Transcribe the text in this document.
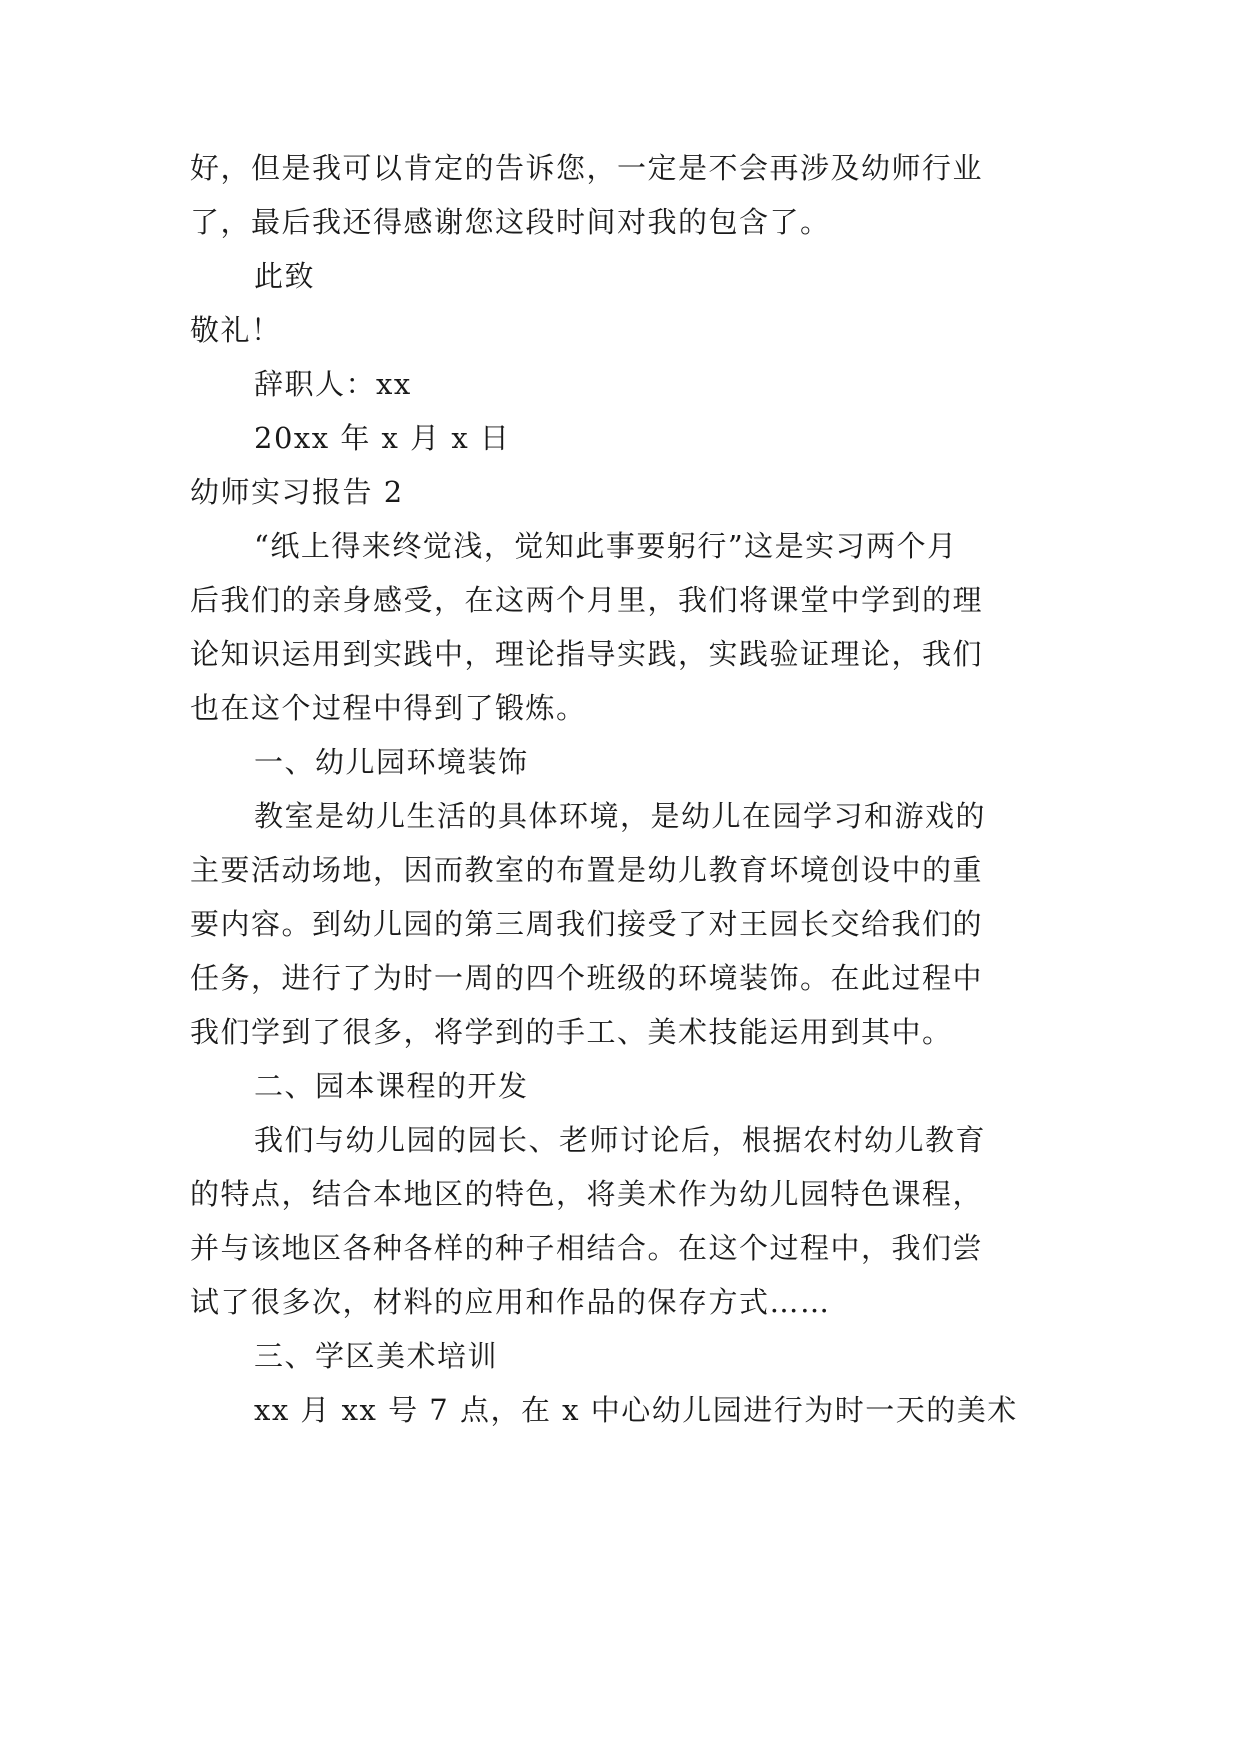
好，但是我可以肯定的告诉您，一定是不会再涉及幼师行业
了，最后我还得感谢您这段时间对我的包含了。
此致
敬礼！
辞职人：xx
20xx 年 x 月 x 日
幼师实习报告 2
“纸上得来终觉浅，觉知此事要躬行”这是实习两个月
后我们的亲身感受，在这两个月里，我们将课堂中学到的理
论知识运用到实践中，理论指导实践，实践验证理论，我们
也在这个过程中得到了锻炼。
一、幼儿园环境装饰
教室是幼儿生活的具体环境，是幼儿在园学习和游戏的
主要活动场地，因而教室的布置是幼儿教育坏境创设中的重
要内容。到幼儿园的第三周我们接受了对王园长交给我们的
任务，进行了为时一周的四个班级的环境装饰。在此过程中
我们学到了很多，将学到的手工、美术技能运用到其中。
二、园本课程的开发
我们与幼儿园的园长、老师讨论后，根据农村幼儿教育
的特点，结合本地区的特色，将美术作为幼儿园特色课程，
并与该地区各种各样的种子相结合。在这个过程中，我们尝
试了很多次，材料的应用和作品的保存方式……
三、学区美术培训
xx 月 xx 号 7 点，在 x 中心幼儿园进行为时一天的美术
